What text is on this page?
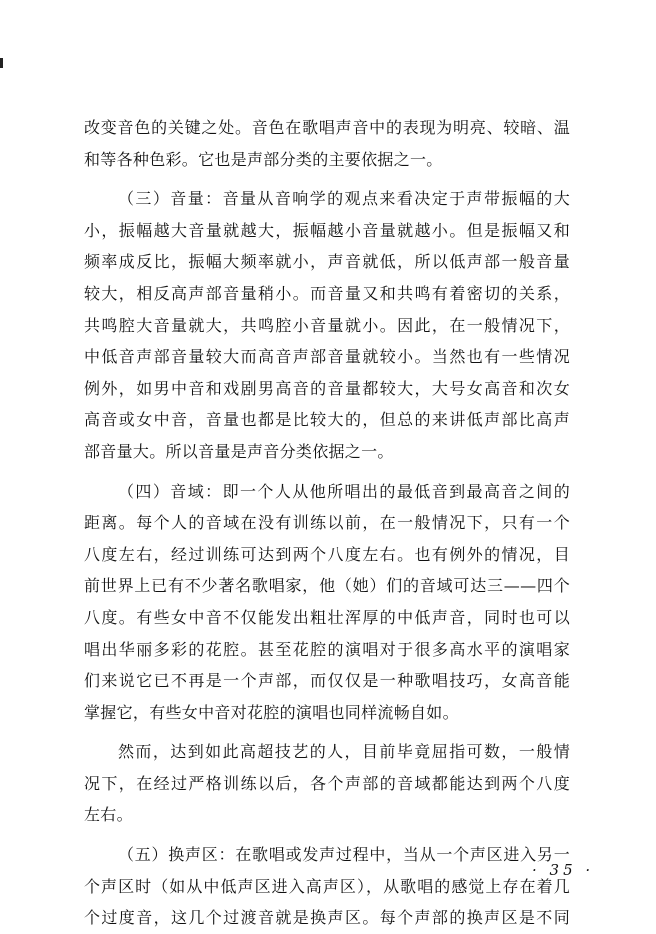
改变音色的关键之处。音色在歌唱声音中的表现为明亮、较暗、温
和等各种色彩。它也是声部分类的主要依据之一。
（三）音量：音量从音响学的观点来看决定于声带振幅的大
小，振幅越大音量就越大，振幅越小音量就越小。但是振幅又和
频率成反比，振幅大频率就小，声音就低，所以低声部一般音量
较大，相反高声部音量稍小。而音量又和共鸣有着密切的关系，
共鸣腔大音量就大，共鸣腔小音量就小。因此，在一般情况下，
中低音声部音量较大而高音声部音量就较小。当然也有一些情况
例外，如男中音和戏剧男高音的音量都较大，大号女高音和次女
高音或女中音，音量也都是比较大的，但总的来讲低声部比高声
部音量大。所以音量是声音分类依据之一。
（四）音域：即一个人从他所唱出的最低音到最高音之间的
距离。每个人的音域在没有训练以前，在一般情况下，只有一个
八度左右，经过训练可达到两个八度左右。也有例外的情况，目
前世界上已有不少著名歌唱家，他（她）们的音域可达三——四个
八度。有些女中音不仅能发出粗壮浑厚的中低声音，同时也可以
唱出华丽多彩的花腔。甚至花腔的演唱对于很多高水平的演唱家
们来说它已不再是一个声部，而仅仅是一种歌唱技巧，女高音能
掌握它，有些女中音对花腔的演唱也同样流畅自如。
然而，达到如此高超技艺的人，目前毕竟屈指可数，一般情
况下，在经过严格训练以后，各个声部的音域都能达到两个八度
左右。
（五）换声区：在歌唱或发声过程中，当从一个声区进入另一
个声区时（如从中低声区进入高声区），从歌唱的感觉上存在着几
个过度音，这几个过渡音就是换声区。每个声部的换声区是不同
· 35 ·
